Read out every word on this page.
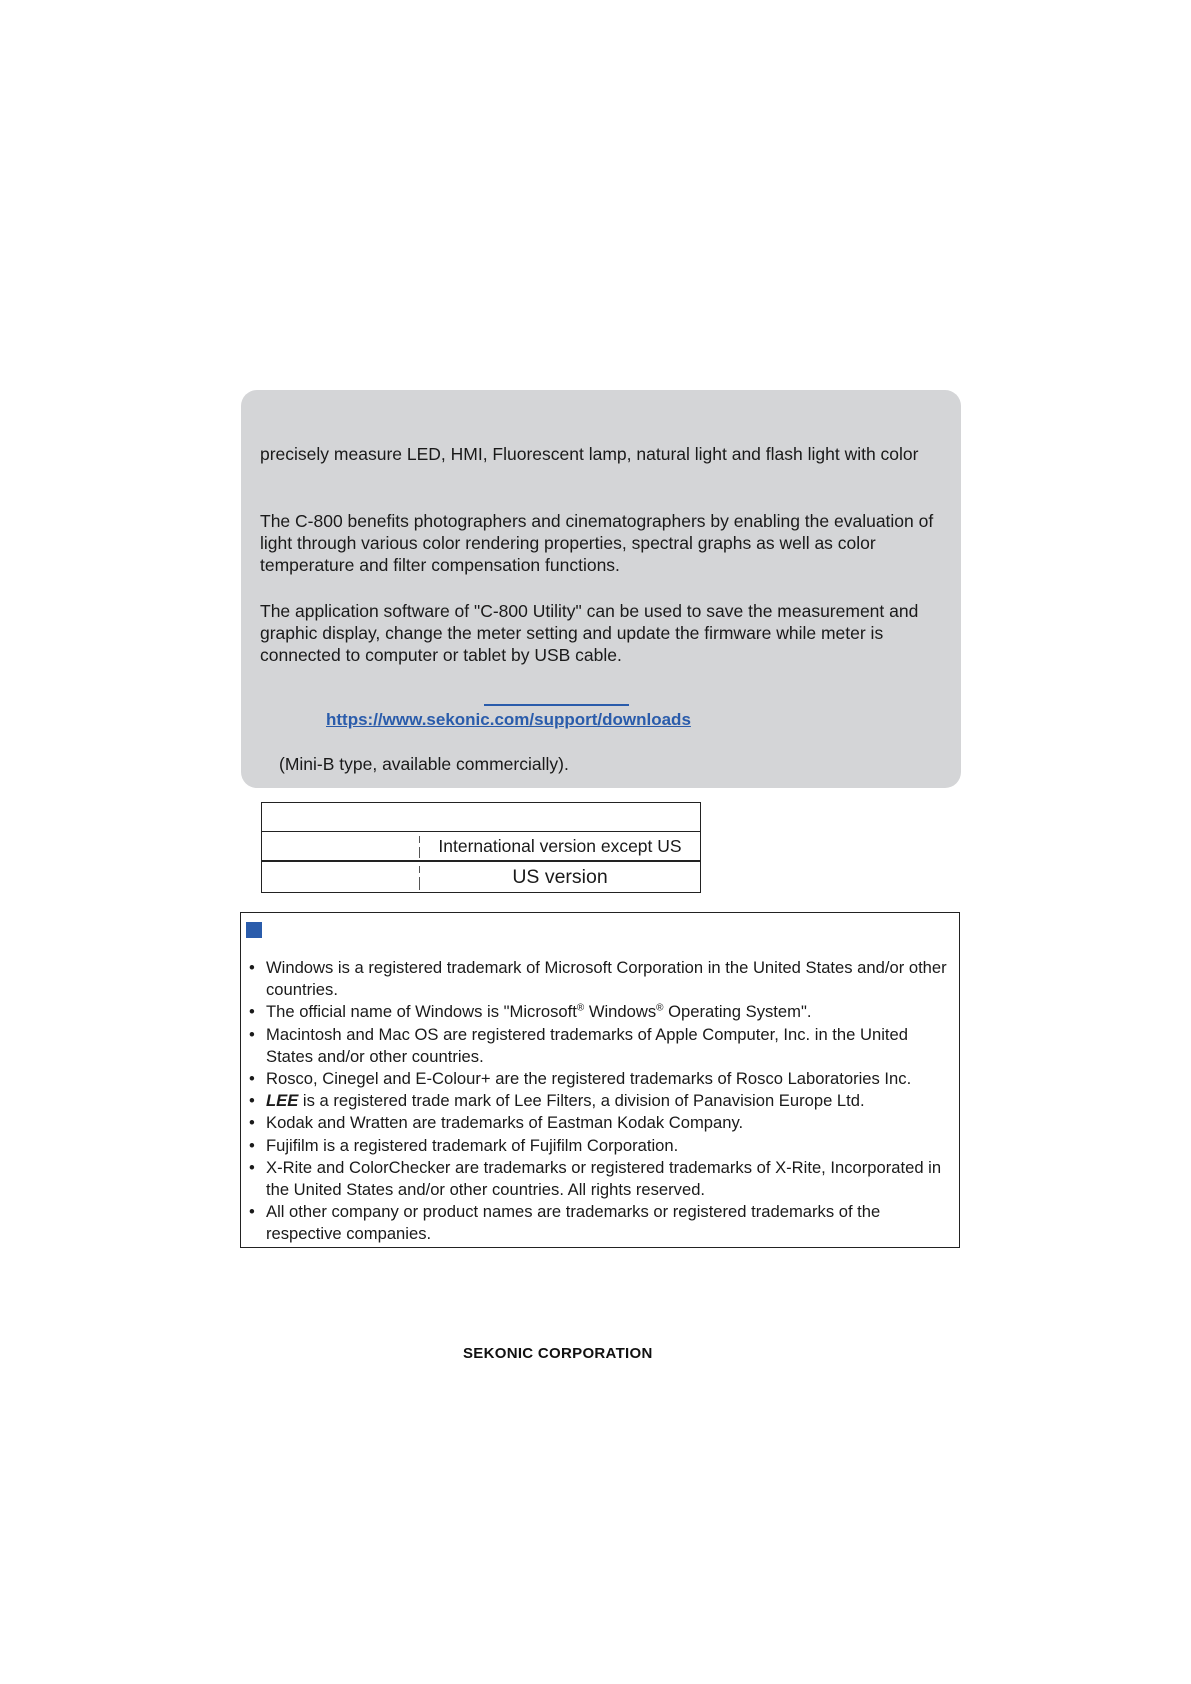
precisely measure LED, HMI, Fluorescent lamp, natural light and flash light with color

The C-800 benefits photographers and cinematographers by enabling the evaluation of light through various color rendering properties, spectral graphs as well as color temperature and filter compensation functions.

The application software of "C-800 Utility" can be used to save the measurement and graphic display, change the meter setting and update the firmware while meter is connected to computer or tablet by USB cable.

https://www.sekonic.com/support/downloads
(Mini-B type, available commercially).
International version except US
US version
• Windows is a registered trademark of Microsoft Corporation in the United States and/or other countries.
• The official name of Windows is "Microsoft® Windows® Operating System".
• Macintosh and Mac OS are registered trademarks of Apple Computer, Inc. in the United States and/or other countries.
• Rosco, Cinegel and E-Colour+ are the registered trademarks of Rosco Laboratories Inc.
• LEE is a registered trade mark of Lee Filters, a division of Panavision Europe Ltd.
• Kodak and Wratten are trademarks of Eastman Kodak Company.
• Fujifilm is a registered trademark of Fujifilm Corporation.
• X-Rite and ColorChecker are trademarks or registered trademarks of X-Rite, Incorporated in the United States and/or other countries. All rights reserved.
• All other company or product names are trademarks or registered trademarks of the respective companies.
SEKONIC CORPORATION
